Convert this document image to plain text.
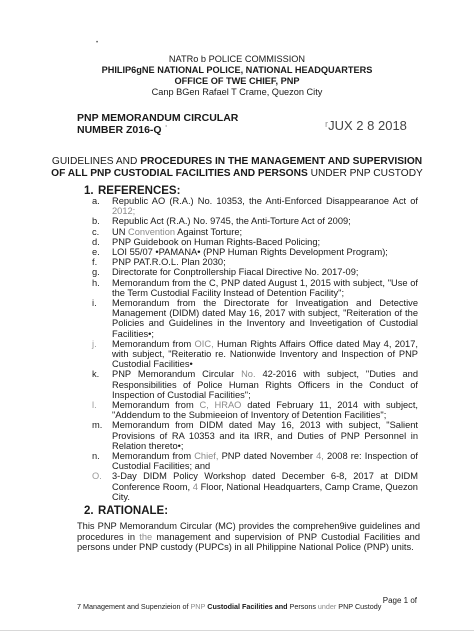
•
NATRo b POLICE COMMISSION
PHILIP6gNE NATIONAL POLICE, NATIONAL HEADQUARTERS
OFFICE OF TWE CHIEF, PNP
Canp BGen Rafael T Crame, Quezon City
PNP MEMORANDUM CIRCULAR
NUMBER Z016-Q ˙	ʳJUX 2 8 2018
GUIDELINES AND PROCEDURES IN THE MANAGEMENT AND SUPERVISION
OF ALL PNP CUSTODIAL FACILITIES AND PERSONS UNDER PNP CUSTODY
1. REFERENCES:
a. Republic AO (R.A.) No. 10353, the Anti-Enforced Disappearanoe Act of 2012;
b. Republic Act (R.A.) No. 9745, the Anti-Torture Act of 2009;
c. UN Convention Against Torture;
d. PNP Guidebook on Human Rights-Baced Policing;
e. LOI 55/07 •PAMANA• (PNP Human Rights Development Program);
f. PNP PAT.R.O.L. Plan 2030;
g. Directorate for Conptrollership Fiacal Directive No. 2017-09;
h. Memorandum from the C, PNP dated August 1, 2015 with subject, "Use of the Term Custodial Facility Instead of Detention Facility";
i. Memorandum from the Directorate for Inveatigation and Detective Management (DIDM) dated May 16, 2017 with subject, "Reiteration of the Policies and Guidelines in the Inventory and Inveetigation of Custodial Facilities•;
j. Memorandum from OIC, Human Rights Affairs Office dated May 4, 2017, with subject, "Reiteratio re. Nationwide Inventory and Inspection of PNP Custodial Facilities•
k. PNP Memorandum Circular No. 42-2016 with subject, "Duties and Responsibilities of Police Human Rights Officers in the Conduct of Inspection of Custodial Facilities";
l. Memorandum from C, HRAO dated February 11, 2014 with subject, "Addendum to the Submieeion of Inventory of Detention Facilities";
m. Memorandum from DIDM dated May 16, 2013 with subject, "Salient Provisions of RA 10353 and ita IRR, and Duties of PNP Personnel in Relation thereto•;
n. Memorandum from Chief, PNP dated November 4, 2008 re: Inspection of Custodial Facilities; and
O. 3-Day DIDM Policy Workshop dated December 6-8, 2017 at DIDM Conference Room, 4 Floor, National Headquarters, Camp Crame, Quezon City.
2. RATIONALE:
This PNP Memorandum Circular (MC) provides the comprehen9ive guidelines and procedures in the management and supervision of PNP Custodial Facilities and persons under PNP custody (PUPCs) in all Philippine National Police (PNP) units.
Page 1 of
7 Management and Supenzieion of PNP Custodial Facilities and Persons under PNP Custody
